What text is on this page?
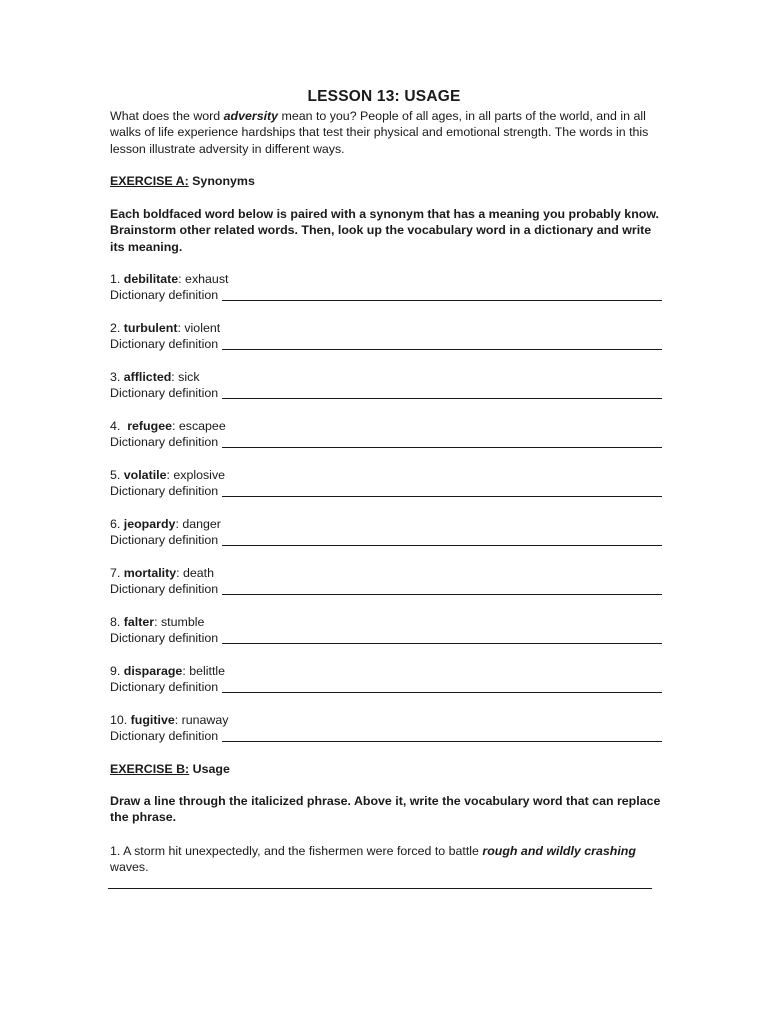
LESSON 13: USAGE
What does the word adversity mean to you? People of all ages, in all parts of the world, and in all walks of life experience hardships that test their physical and emotional strength. The words in this lesson illustrate adversity in different ways.
EXERCISE A: Synonyms
Each boldfaced word below is paired with a synonym that has a meaning you probably know. Brainstorm other related words. Then, look up the vocabulary word in a dictionary and write its meaning.
1. debilitate: exhaust
Dictionary definition
2. turbulent: violent
Dictionary definition
3. afflicted: sick
Dictionary definition
4.  refugee: escapee
Dictionary definition
5. volatile: explosive
Dictionary definition
6. jeopardy: danger
Dictionary definition
7. mortality: death
Dictionary definition
8. falter: stumble
Dictionary definition
9. disparage: belittle
Dictionary definition
10. fugitive: runaway
Dictionary definition
EXERCISE B: Usage
Draw a line through the italicized phrase. Above it, write the vocabulary word that can replace the phrase.
1. A storm hit unexpectedly, and the fishermen were forced to battle rough and wildly crashing waves.
